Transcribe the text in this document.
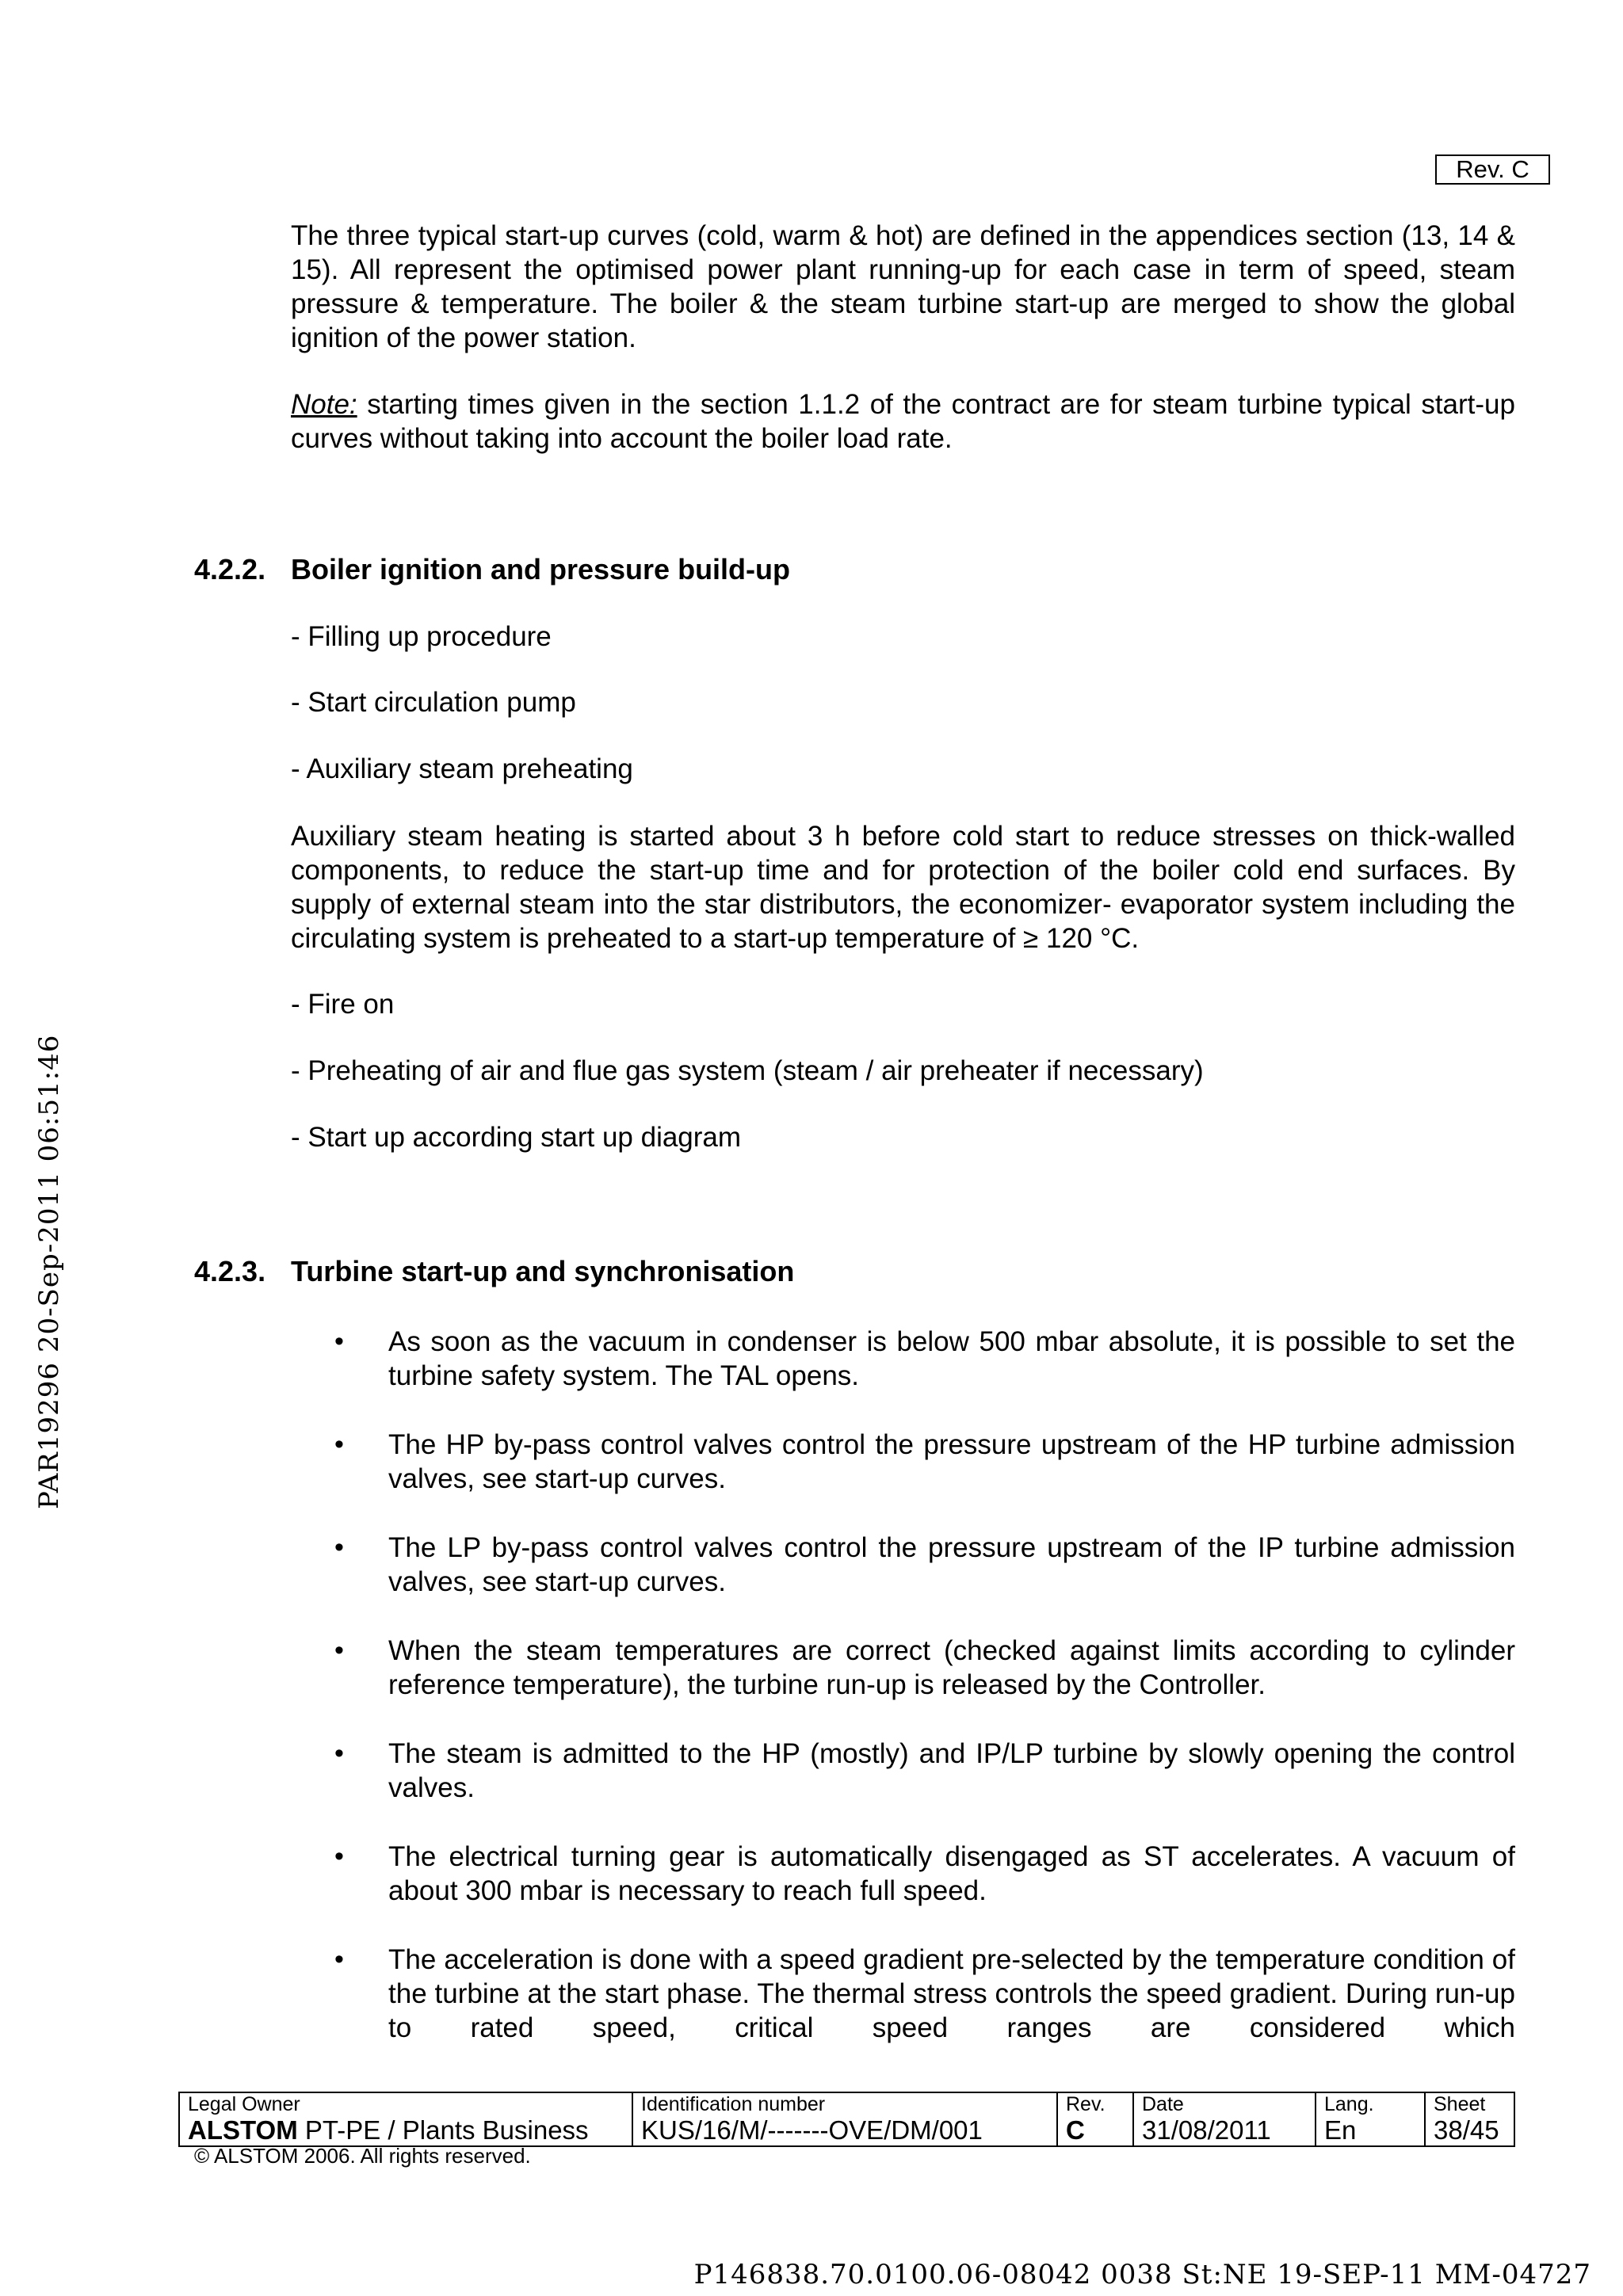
Rev. C
The three typical start-up curves (cold, warm & hot) are defined in the appendices section (13, 14 & 15). All represent the optimised power plant running-up for each case in term of speed, steam pressure & temperature. The boiler & the steam turbine start-up are merged to show the global ignition of the power station.
Note: starting times given in the section 1.1.2 of the contract are for steam turbine typical start-up curves without taking into account the boiler load rate.
4.2.2. Boiler ignition and pressure build-up
- Filling up procedure
- Start circulation pump
- Auxiliary steam preheating
Auxiliary steam heating is started about 3 h before cold start to reduce stresses on thick-walled components, to reduce the start-up time and for protection of the boiler cold end surfaces. By supply of external steam into the star distributors, the economizer- evaporator system including the circulating system is preheated to a start-up temperature of ≥ 120 °C.
- Fire on
- Preheating of air and flue gas system (steam / air preheater if necessary)
- Start up according start up diagram
4.2.3. Turbine start-up and synchronisation
• As soon as the vacuum in condenser is below 500 mbar absolute, it is possible to set the turbine safety system. The TAL opens.
• The HP by-pass control valves control the pressure upstream of the HP turbine admission valves, see start-up curves.
• The LP by-pass control valves control the pressure upstream of the IP turbine admission valves, see start-up curves.
• When the steam temperatures are correct (checked against limits according to cylinder reference temperature), the turbine run-up is released by the Controller.
• The steam is admitted to the HP (mostly) and IP/LP turbine by slowly opening the control valves.
• The electrical turning gear is automatically disengaged as ST accelerates. A vacuum of about 300 mbar is necessary to reach full speed.
• The acceleration is done with a speed gradient pre-selected by the temperature condition of the turbine at the start phase. The thermal stress controls the speed gradient. During run-up to rated speed, critical speed ranges are considered which
Legal Owner
ALSTOM PT-PE / Plants Business

Identification number
KUS/16/M/-------OVE/DM/001

Rev.
C

Date
31/08/2011

Lang.
En

Sheet
38/45
© ALSTOM 2006. All rights reserved.
PAR19296 20-Sep-2011 06:51:46
P146838.70.0100.06-08042 0038 St:NE 19-SEP-11 MM-04727
